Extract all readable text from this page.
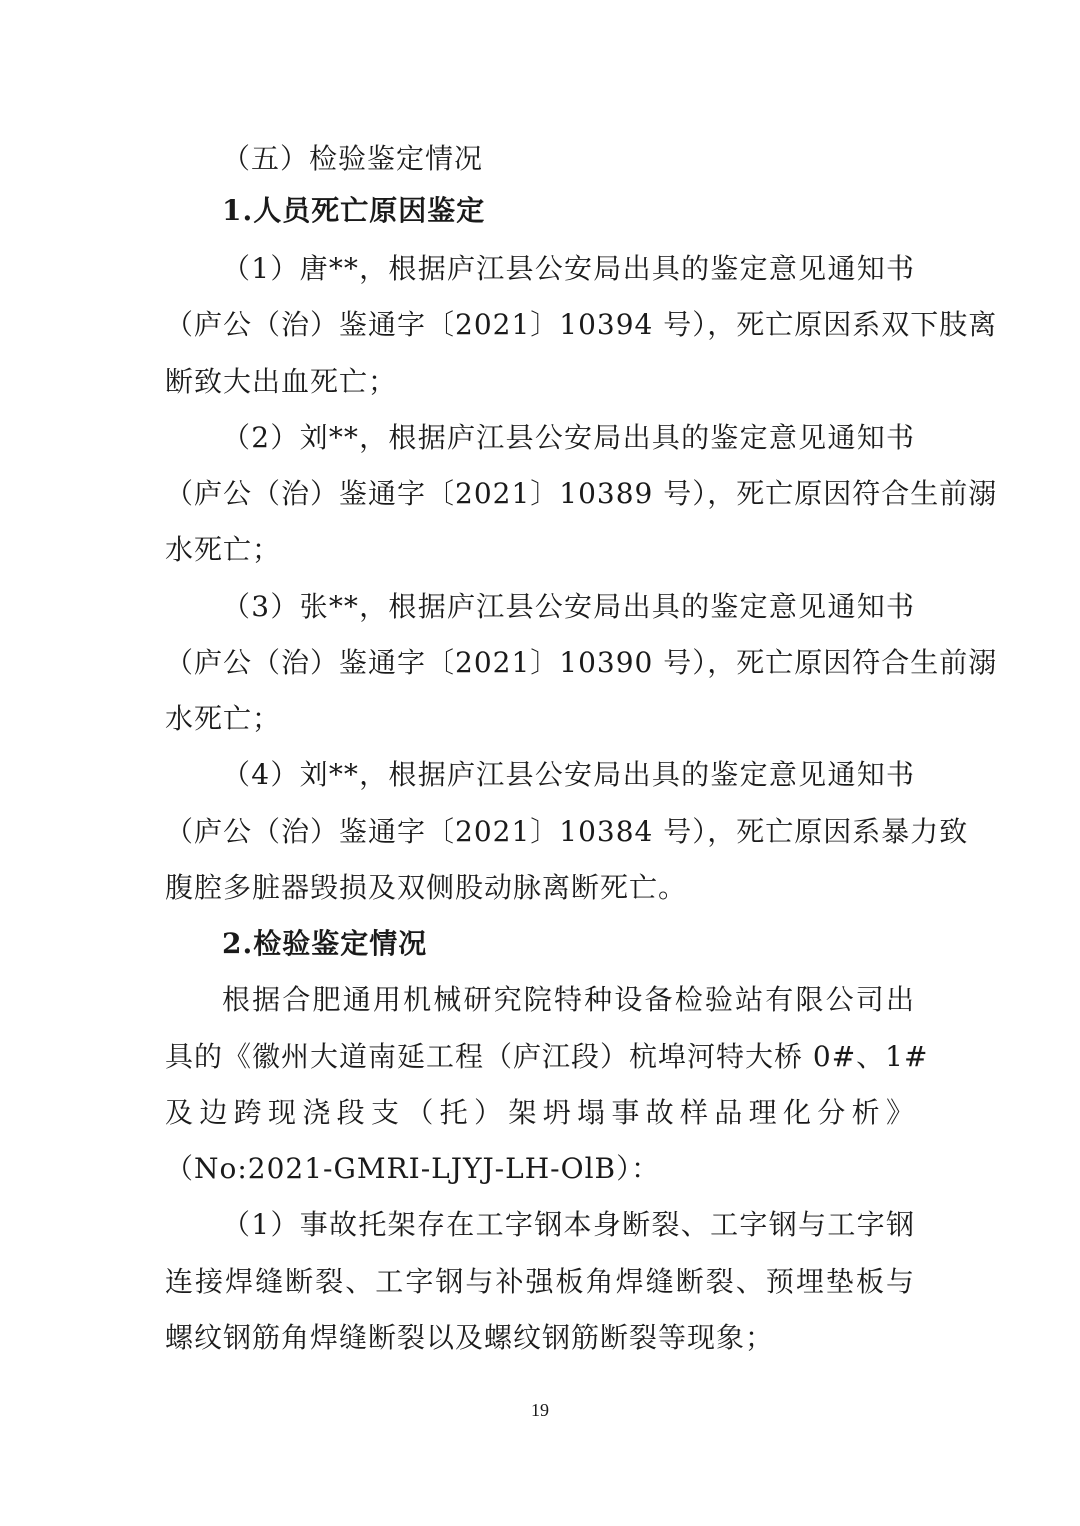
（五）检验鉴定情况
1.人员死亡原因鉴定
（1）唐**，根据庐江县公安局出具的鉴定意见通知书
（庐公（治）鉴通字〔2021〕10394 号），死亡原因系双下肢离
断致大出血死亡；
（2）刘**，根据庐江县公安局出具的鉴定意见通知书
（庐公（治）鉴通字〔2021〕10389 号），死亡原因符合生前溺
水死亡；
（3）张**，根据庐江县公安局出具的鉴定意见通知书
（庐公（治）鉴通字〔2021〕10390 号），死亡原因符合生前溺
水死亡；
（4）刘**，根据庐江县公安局出具的鉴定意见通知书
（庐公（治）鉴通字〔2021〕10384 号），死亡原因系暴力致
腹腔多脏器毁损及双侧股动脉离断死亡。
2.检验鉴定情况
根据合肥通用机械研究院特种设备检验站有限公司出
具的《徽州大道南延工程（庐江段）杭埠河特大桥 0#、1#
及边跨现浇段支（托）架坍塌事故样品理化分析》
（No:2021-GMRI-LJYJ-LH-OlB）：
（1）事故托架存在工字钢本身断裂、工字钢与工字钢
连接焊缝断裂、工字钢与补强板角焊缝断裂、预埋垫板与
螺纹钢筋角焊缝断裂以及螺纹钢筋断裂等现象；
19
